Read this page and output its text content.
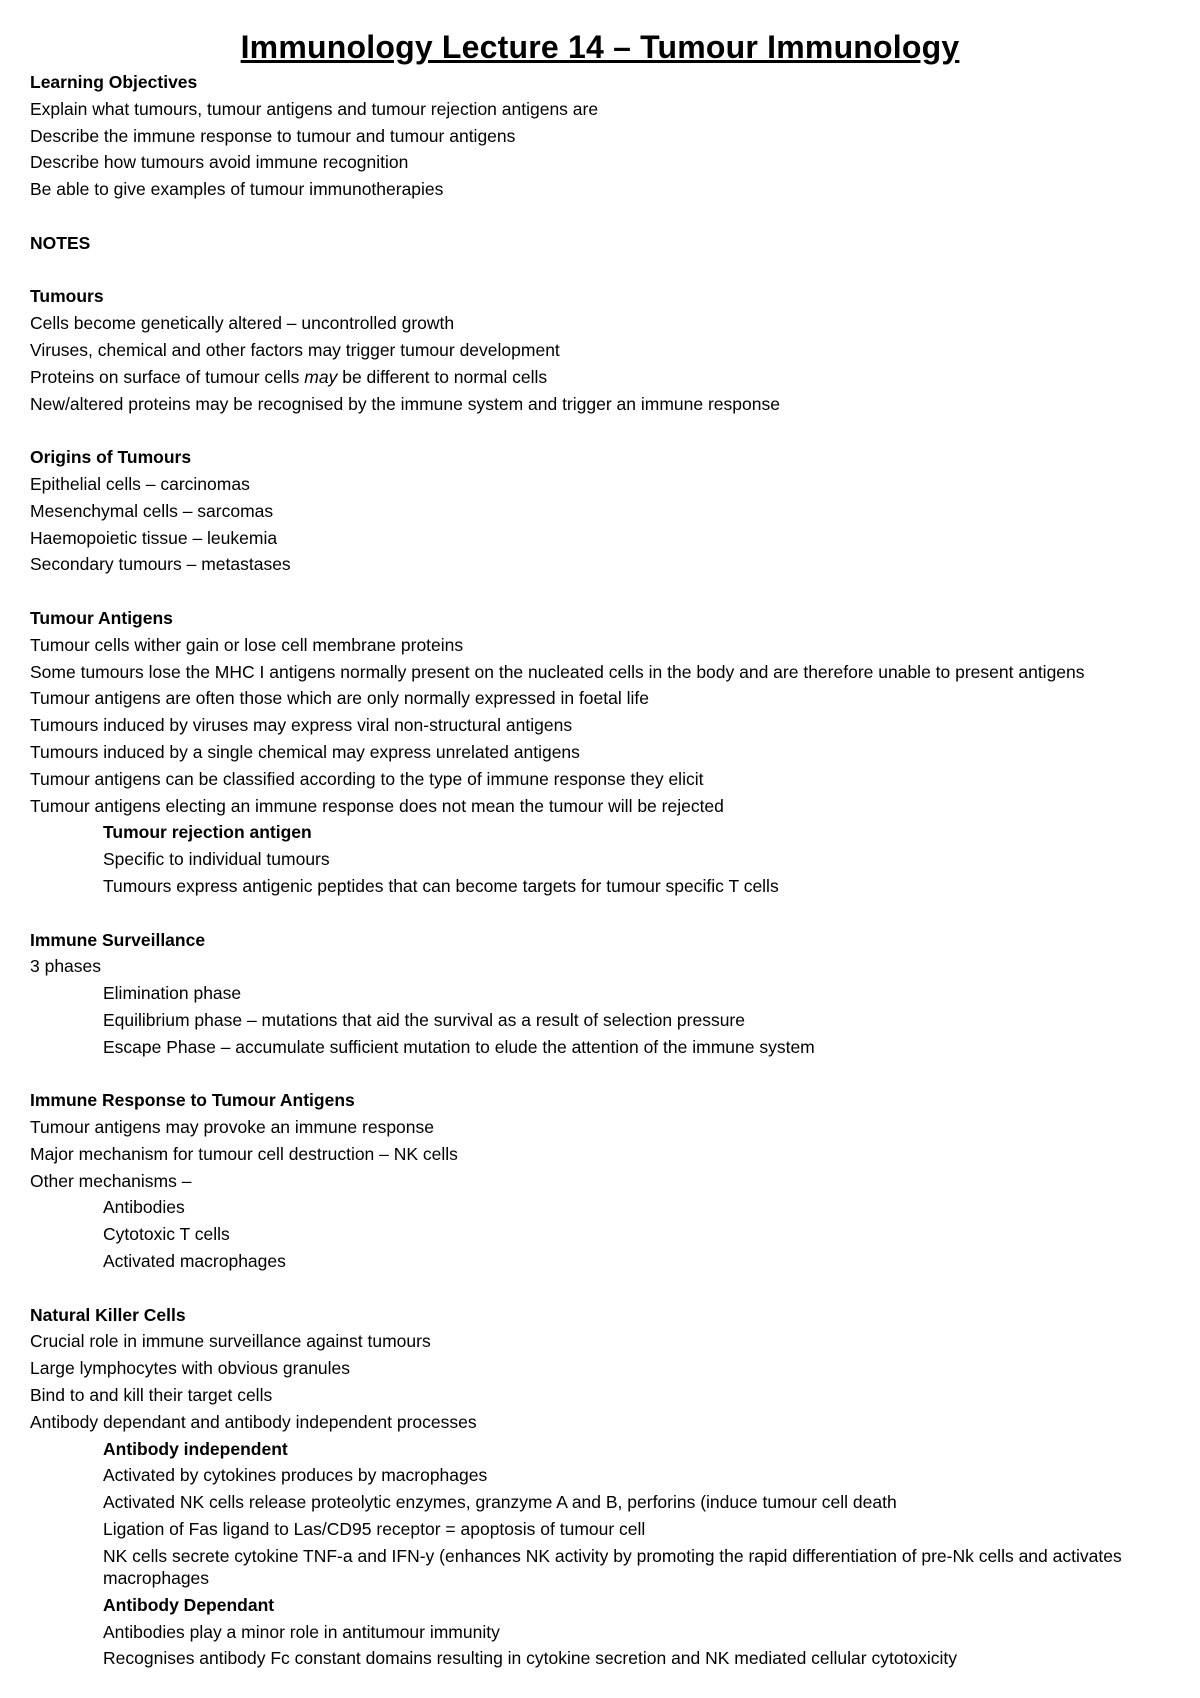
Immunology Lecture 14 – Tumour Immunology
Learning Objectives
Explain what tumours, tumour antigens and tumour rejection antigens are
Describe the immune response to tumour and tumour antigens
Describe how tumours avoid immune recognition
Be able to give examples of tumour immunotherapies
NOTES
Tumours
Cells become genetically altered – uncontrolled growth
Viruses, chemical and other factors may trigger tumour development
Proteins on surface of tumour cells may be different to normal cells
New/altered proteins may be recognised by the immune system and trigger an immune response
Origins of Tumours
Epithelial cells – carcinomas
Mesenchymal cells – sarcomas
Haemopoietic tissue – leukemia
Secondary tumours – metastases
Tumour Antigens
Tumour cells wither gain or lose cell membrane proteins
Some tumours lose the MHC I antigens normally present on the nucleated cells in the body and are therefore unable to present antigens
Tumour antigens are often those which are only normally expressed in foetal life
Tumours induced by viruses may express viral non-structural antigens
Tumours induced by a single chemical may express unrelated antigens
Tumour antigens can be classified according to the type of immune response they elicit
Tumour antigens electing an immune response does not mean the tumour will be rejected
Tumour rejection antigen
Specific to individual tumours
Tumours express antigenic peptides that can become targets for tumour specific T cells
Immune Surveillance
3 phases
Elimination phase
Equilibrium phase – mutations that aid the survival as a result of selection pressure
Escape Phase – accumulate sufficient mutation to elude the attention of the immune system
Immune Response to Tumour Antigens
Tumour antigens may provoke an immune response
Major mechanism for tumour cell destruction – NK cells
Other mechanisms –
Antibodies
Cytotoxic T cells
Activated macrophages
Natural Killer Cells
Crucial role in immune surveillance against tumours
Large lymphocytes with obvious granules
Bind to and kill their target cells
Antibody dependant and antibody independent processes
Antibody independent
Activated by cytokines produces by macrophages
Activated NK cells release proteolytic enzymes, granzyme A and B, perforins (induce tumour cell death
Ligation of Fas ligand to Las/CD95 receptor = apoptosis of tumour cell
NK cells secrete cytokine TNF-a and IFN-y (enhances NK activity by promoting the rapid differentiation of pre-Nk cells and activates macrophages
Antibody Dependant
Antibodies play a minor role in antitumour immunity
Recognises antibody Fc constant domains resulting in cytokine secretion and NK mediated cellular cytotoxicity
